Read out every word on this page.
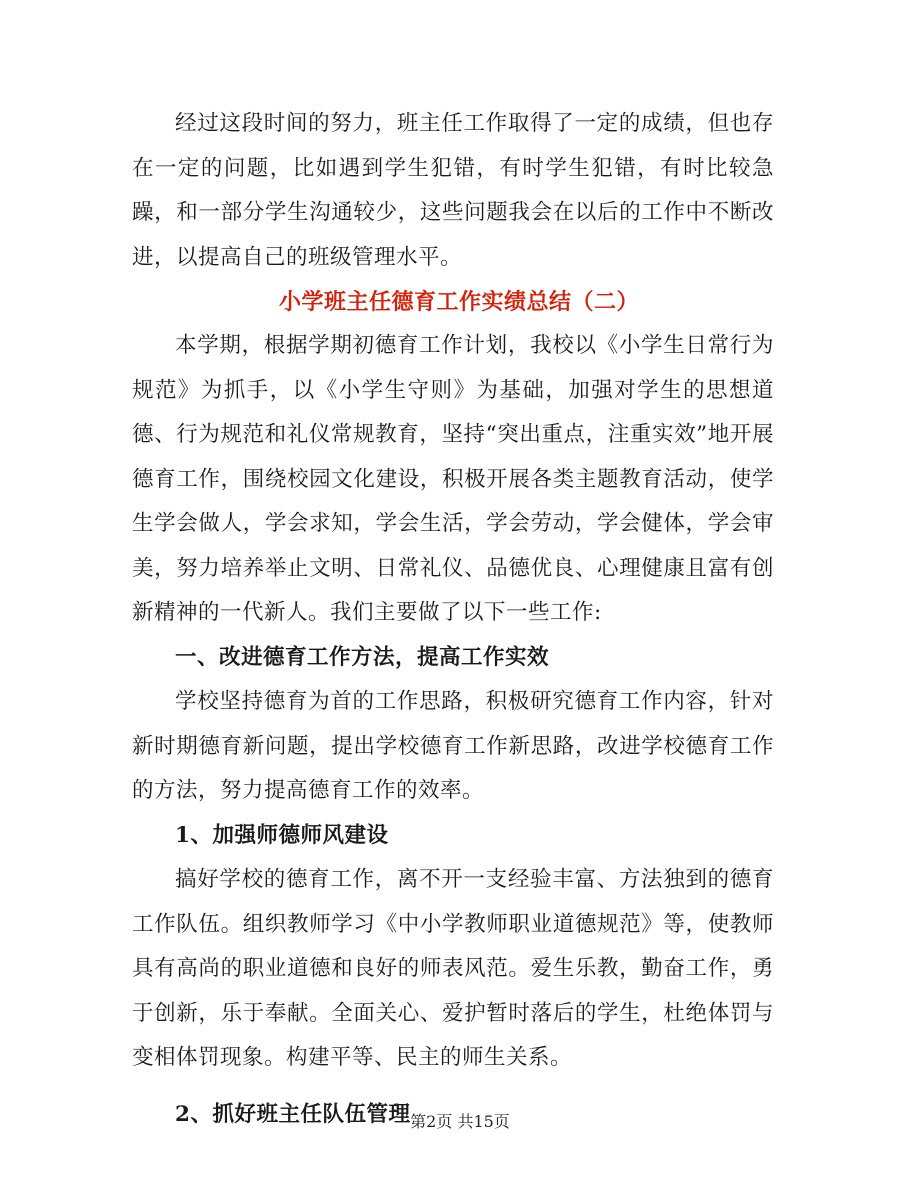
经过这段时间的努力，班主任工作取得了一定的成绩，但也存在一定的问题，比如遇到学生犯错，有时学生犯错，有时比较急躁，和一部分学生沟通较少，这些问题我会在以后的工作中不断改进，以提高自己的班级管理水平。

小学班主任德育工作实绩总结（二）

本学期，根据学期初德育工作计划，我校以《小学生日常行为规范》为抓手，以《小学生守则》为基础，加强对学生的思想道德、行为规范和礼仪常规教育，坚持“突出重点，注重实效”地开展德育工作，围绕校园文化建设，积极开展各类主题教育活动，使学生学会做人，学会求知，学会生活，学会劳动，学会健体，学会审美，努力培养举止文明、日常礼仪、品德优良、心理健康且富有创新精神的一代新人。我们主要做了以下一些工作:

一、改进德育工作方法，提高工作实效

学校坚持德育为首的工作思路，积极研究德育工作内容，针对新时期德育新问题，提出学校德育工作新思路，改进学校德育工作的方法，努力提高德育工作的效率。

1、加强师德师风建设

搞好学校的德育工作，离不开一支经验丰富、方法独到的德育工作队伍。组织教师学习《中小学教师职业道德规范》等，使教师具有高尚的职业道德和良好的师表风范。爱生乐教，勤奋工作，勇于创新，乐于奉献。全面关心、爱护暂时落后的学生，杜绝体罚与变相体罚现象。构建平等、民主的师生关系。

2、抓好班主任队伍管理 第2页 共15页
